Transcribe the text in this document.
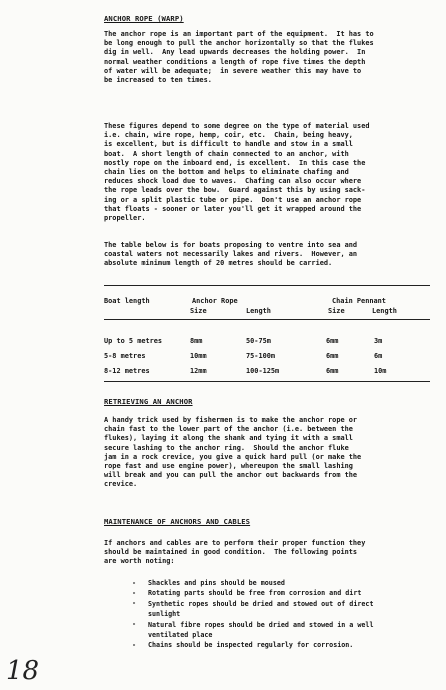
ANCHOR ROPE (WARP)
The anchor rope is an important part of the equipment.  It has to
be long enough to pull the anchor horizontally so that the flukes
dig in well.  Any lead upwards decreases the holding power.  In
normal weather conditions a length of rope five times the depth
of water will be adequate;  in severe weather this may have to
be increased to ten times.
These figures depend to some degree on the type of material used
i.e. chain, wire rope, hemp, coir, etc.  Chain, being heavy,
is excellent, but is difficult to handle and stow in a small
boat.  A short length of chain connected to an anchor, with
mostly rope on the inboard end, is excellent.  In this case the
chain lies on the bottom and helps to eliminate chafing and
reduces shock load due to waves.  Chafing can also occur where
the rope leads over the bow.  Guard against this by using sack-
ing or a split plastic tube or pipe.  Don't use an anchor rope
that floats - sooner or later you'll get it wrapped around the
propeller.
The table below is for boats proposing to ventre into sea and
coastal waters not necessarily lakes and rivers.  However, an
absolute minimum length of 20 metres should be carried.
Boat length	Anchor Rope	Chain Pennant
Size	Length	Size	Length
Up to 5 metres	8mm	50-75m	6mm	3m
5-8 metres	10mm	75-100m	6mm	6m
8-12 metres	12mm	100-125m	6mm	10m
RETRIEVING AN ANCHOR
A handy trick used by fishermen is to make the anchor rope or
chain fast to the lower part of the anchor (i.e. between the
flukes), laying it along the shank and tying it with a small
secure lashing to the anchor ring.  Should the anchor fluke
jam in a rock crevice, you give a quick hard pull (or make the
rope fast and use engine power), whereupon the small lashing
will break and you can pull the anchor out backwards from the
crevice.
MAINTENANCE OF ANCHORS AND CABLES
If anchors and cables are to perform their proper function they
should be maintained in good condition.  The following points
are worth noting:
- Shackles and pins should be moused
- Rotating parts should be free from corrosion and dirt
- Synthetic ropes should be dried and stowed out of direct
sunlight
- Natural fibre ropes should be dried and stowed in a well
ventilated place
- Chains should be inspected regularly for corrosion.
18
